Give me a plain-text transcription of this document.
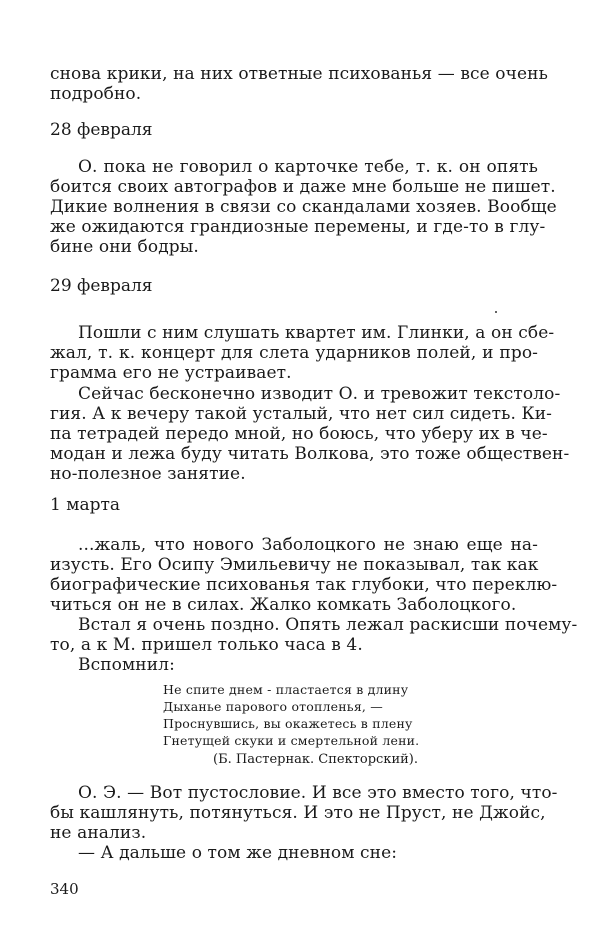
снова крики, на них ответные психованья — все очень
подробно.
28 февраля
О. пока не говорил о карточке тебе, т. к. он опять
боится своих автографов и даже мне больше не пишет.
Дикие волнения в связи со скандалами хозяев. Вообще
же ожидаются грандиозные перемены, и где-то в глу-
бине они бодры.
29 февраля
Пошли с ним слушать квартет им. Глинки, а он сбе-
жал, т. к. концерт для слета ударников полей, и про-
грамма его не устраивает.
Сейчас бесконечно изводит О. и тревожит текстоло-
гия. А к вечеру такой усталый, что нет сил сидеть. Ки-
па тетрадей передо мной, но боюсь, что уберу их в че-
модан и лежа буду читать Волкова, это тоже обществен-
но-полезное занятие.
1 марта
...жаль, что нового Заболоцкого не знаю еще на-
изусть. Его Осипу Эмильевичу не показывал, так как
биографические психованья так глубоки, что переклю-
читься он не в силах. Жалко комкать Заболоцкого.
Встал я очень поздно. Опять лежал раскисши почему-
то, а к М. пришел только часа в 4.
Вспомнил:
Не спите днем - пластается в длину
Дыханье парового отопленья, —
Проснувшись, вы окажетесь в плену
Гнетущей скуки и смертельной лени.
(Б. Пастернак. Спекторский).
О. Э. — Вот пустословие. И все это вместо того, что-
бы кашлянуть, потянуться. И это не Пруст, не Джойс,
не анализ.
— А дальше о том же дневном сне:
340
